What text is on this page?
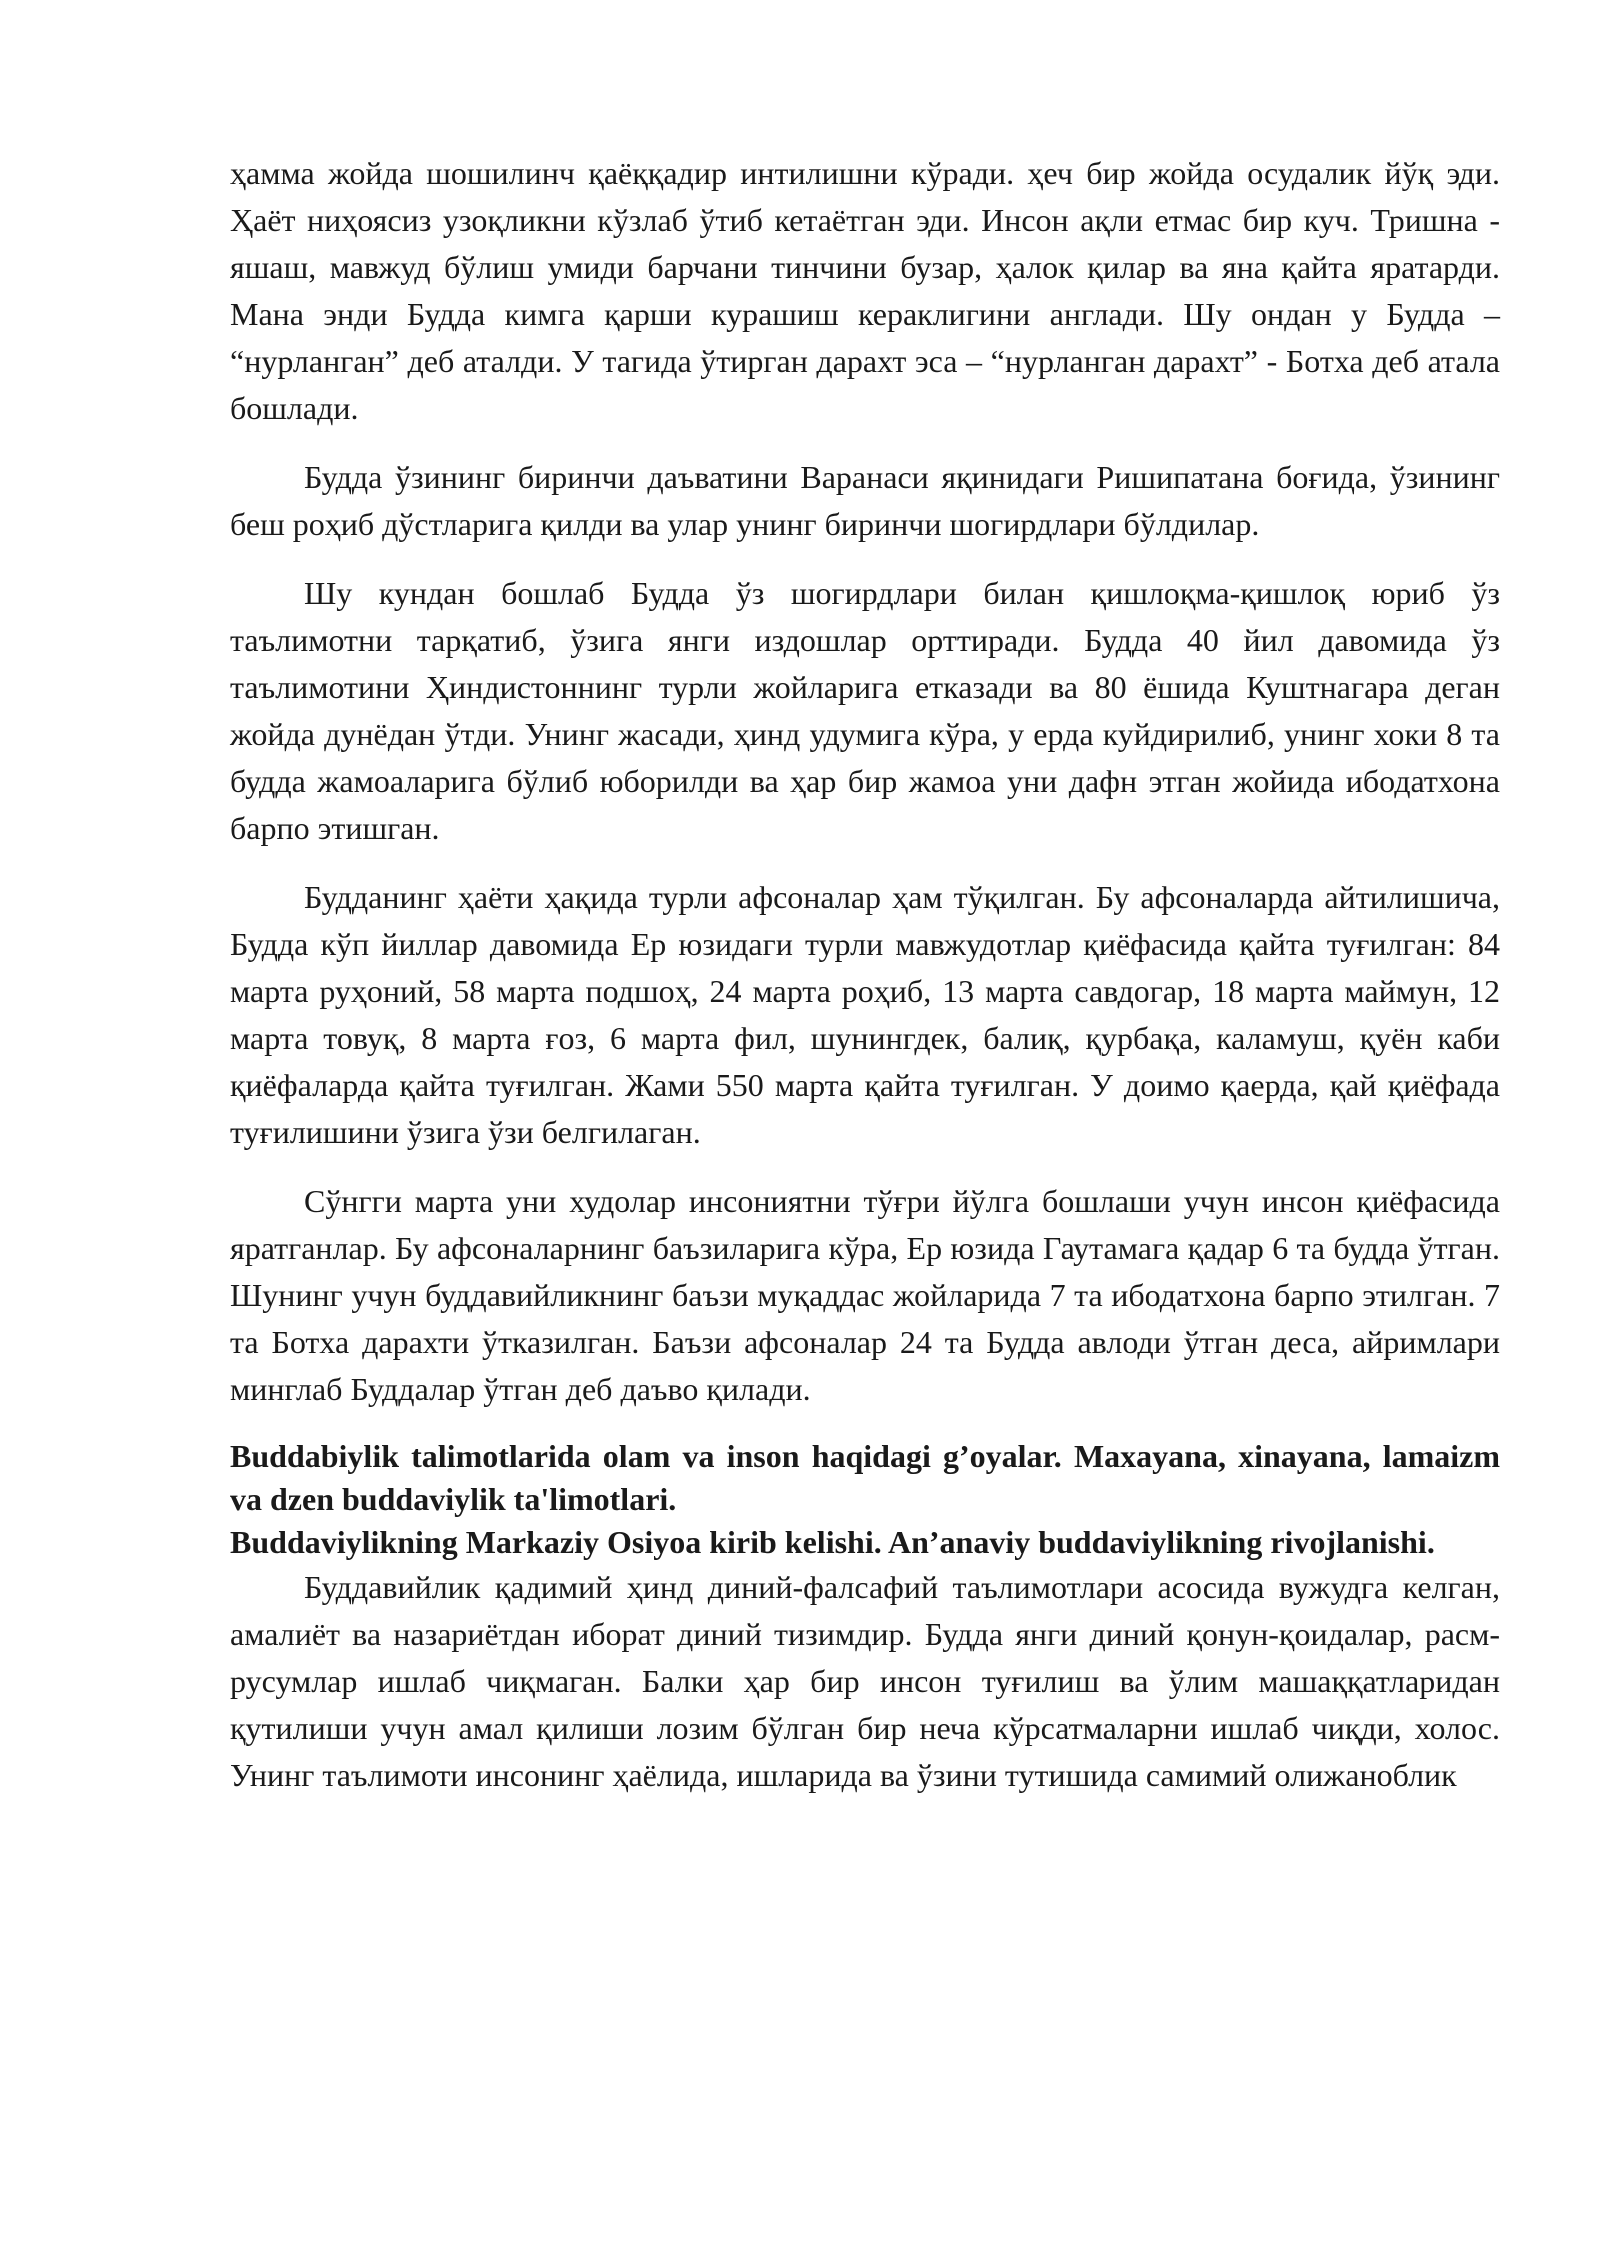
ҳамма жойда шошилинч қаёққадир интилишни кўради. ҳеч бир жойда осудалик йўқ эди. Ҳаёт ниҳоясиз узоқликни кўзлаб ўтиб кетаётган эди. Инсон ақли етмас бир куч. Тришна - яшаш, мавжуд бўлиш умиди барчани тинчини бузар, ҳалок қилар ва яна қайта яратарди. Мана энди Будда кимга қарши курашиш кераклигини англади. Шу ондан у Будда – “нурланган” деб аталди. У тагида ўтирган дарахт эса – “нурланган дарахт” - Ботха деб атала бошлади.

Будда ўзининг биринчи даъватини Варанаси яқинидаги Ришипатана боғида, ўзининг беш роҳиб дўстларига қилди ва улар унинг биринчи шогирдлари бўлдилар.

Шу кундан бошлаб Будда ўз шогирдлари билан қишлоқма-қишлоқ юриб ўз таълимотни тарқатиб, ўзига янги издошлар орттиради. Будда 40 йил давомида ўз таълимотини Ҳиндистоннинг турли жойларига етказади ва 80 ёшида Куштнагара деган жойда дунёдан ўтди. Унинг жасади, ҳинд удумига кўра, у ерда куйдирилиб, унинг хоки 8 та будда жамоаларига бўлиб юборилди ва ҳар бир жамоа уни дафн этган жойида ибодатхона барпо этишган.

Будданинг ҳаёти ҳақида турли афсоналар ҳам тўқилган. Бу афсоналарда айтилишича, Будда кўп йиллар давомида Ер юзидаги турли мавжудотлар қиёфасида қайта туғилган: 84 марта руҳоний, 58 марта подшоҳ, 24 марта роҳиб, 13 марта савдогар, 18 марта маймун, 12 марта товуқ, 8 марта ғоз, 6 марта фил, шунингдек, балиқ, қурбақа, каламуш, қуён каби қиёфаларда қайта туғилган. Жами 550 марта қайта туғилган. У доимо қаерда, қай қиёфада туғилишини ўзига ўзи белгилаган.

Сўнгги марта уни худолар инсониятни тўғри йўлга бошлаши учун инсон қиёфасида яратганлар. Бу афсоналарнинг баъзиларига кўра, Ер юзида Гаутамага қадар 6 та будда ўтган. Шунинг учун буддавийликнинг баъзи муқаддас жойларида 7 та ибодатхона барпо этилган. 7 та Ботха дарахти ўтказилган. Баъзи афсоналар 24 та Будда авлоди ўтган деса, айримлари минглаб Буддалар ўтган деб даъво қилади.

Buddabiylik talimotlarida olam va inson haqidagi g’oyalar. Maxayana, xinayana, lamaizm va dzen buddaviylik ta'limotlari.

Buddaviylikning Markaziy Osiyoa kirib kelishi. An’anaviy buddaviylikning rivojlanishi.

Буддавийлик қадимий ҳинд диний-фалсафий таълимотлари асосида вужудга келган, амалиёт ва назариётдан иборат диний тизимдир. Будда янги диний қонун-қоидалар, расм-русумлар ишлаб чиқмаган. Балки ҳар бир инсон туғилиш ва ўлим машаққатларидан қутилиши учун амал қилиши лозим бўлган бир неча кўрсатмаларни ишлаб чиқди, холос. Унинг таълимоти инсонинг ҳаёлида, ишларида ва ўзини тутишида самимий олижаноблик
